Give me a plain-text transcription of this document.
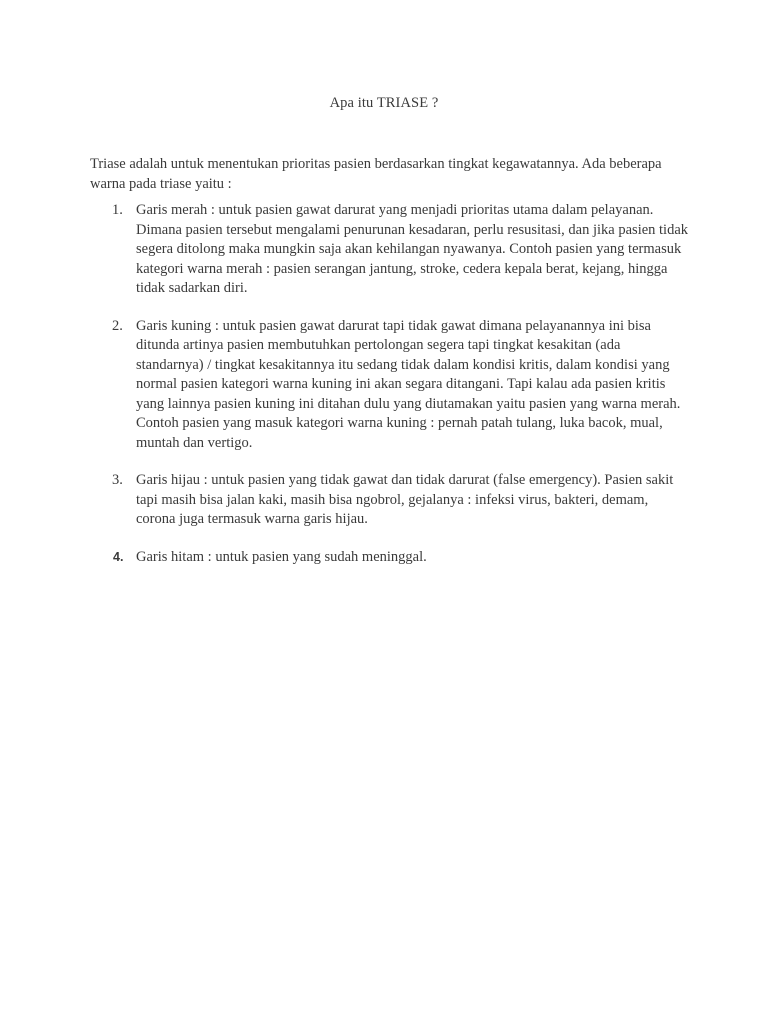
Apa itu TRIASE ?
Triase adalah untuk menentukan prioritas pasien berdasarkan tingkat kegawatannya. Ada beberapa warna pada triase yaitu :
1. Garis merah : untuk pasien gawat darurat yang menjadi prioritas utama dalam pelayanan. Dimana pasien tersebut mengalami penurunan kesadaran, perlu resusitasi, dan jika pasien tidak segera ditolong maka mungkin saja akan kehilangan nyawanya. Contoh pasien yang termasuk kategori warna merah : pasien serangan jantung, stroke, cedera kepala berat, kejang, hingga tidak sadarkan diri.
2. Garis kuning : untuk pasien gawat darurat tapi tidak gawat dimana pelayanannya ini bisa ditunda artinya pasien membutuhkan pertolongan segera tapi tingkat kesakitan (ada standarnya) / tingkat kesakitannya itu sedang tidak dalam kondisi kritis, dalam kondisi yang normal pasien kategori warna kuning ini akan segara ditangani. Tapi kalau ada pasien kritis yang lainnya pasien kuning ini ditahan dulu yang diutamakan yaitu pasien yang warna merah. Contoh pasien yang masuk kategori warna kuning : pernah patah tulang, luka bacok, mual, muntah dan vertigo.
3. Garis hijau : untuk pasien yang tidak gawat dan tidak darurat (false emergency). Pasien sakit tapi masih bisa jalan kaki, masih bisa ngobrol, gejalanya : infeksi virus, bakteri, demam, corona juga termasuk warna garis hijau.
4. Garis hitam : untuk pasien yang sudah meninggal.
